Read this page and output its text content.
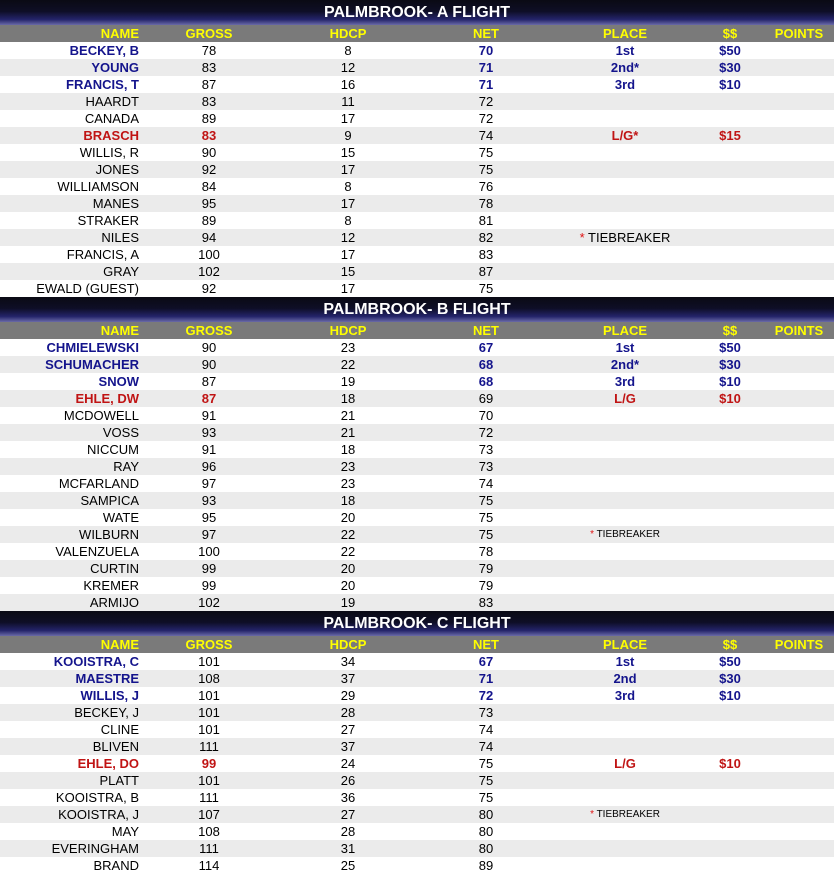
PALMBROOK- A FLIGHT
NAME	GROSS	HDCP	NET	PLACE	$$	POINTS
BECKEY, B	78	8	70	1st	$50
YOUNG	83	12	71	2nd*	$30
FRANCIS, T	87	16	71	3rd	$10
HAARDT	83	11	72
CANADA	89	17	72
BRASCH	83	9	74	L/G*	$15
WILLIS, R	90	15	75
JONES	92	17	75
WILLIAMSON	84	8	76
MANES	95	17	78
STRAKER	89	8	81
NILES	94	12	82	* TIEBREAKER
FRANCIS, A	100	17	83
GRAY	102	15	87
EWALD (GUEST)	92	17	75
PALMBROOK- B FLIGHT
NAME	GROSS	HDCP	NET	PLACE	$$	POINTS
CHMIELEWSKI	90	23	67	1st	$50
SCHUMACHER	90	22	68	2nd*	$30
SNOW	87	19	68	3rd	$10
EHLE, DW	87	18	69	L/G	$10
MCDOWELL	91	21	70
VOSS	93	21	72
NICCUM	91	18	73
RAY	96	23	73
MCFARLAND	97	23	74
SAMPICA	93	18	75
WATE	95	20	75
WILBURN	97	22	75	* TIEBREAKER
VALENZUELA	100	22	78
CURTIN	99	20	79
KREMER	99	20	79
ARMIJO	102	19	83
PALMBROOK- C FLIGHT
NAME	GROSS	HDCP	NET	PLACE	$$	POINTS
KOOISTRA, C	101	34	67	1st	$50
MAESTRE	108	37	71	2nd	$30
WILLIS, J	101	29	72	3rd	$10
BECKEY, J	101	28	73
CLINE	101	27	74
BLIVEN	111	37	74
EHLE, DO	99	24	75	L/G	$10
PLATT	101	26	75
KOOISTRA, B	111	36	75
KOOISTRA, J	107	27	80	* TIEBREAKER
MAY	108	28	80
EVERINGHAM	111	31	80
BRAND	114	25	89
